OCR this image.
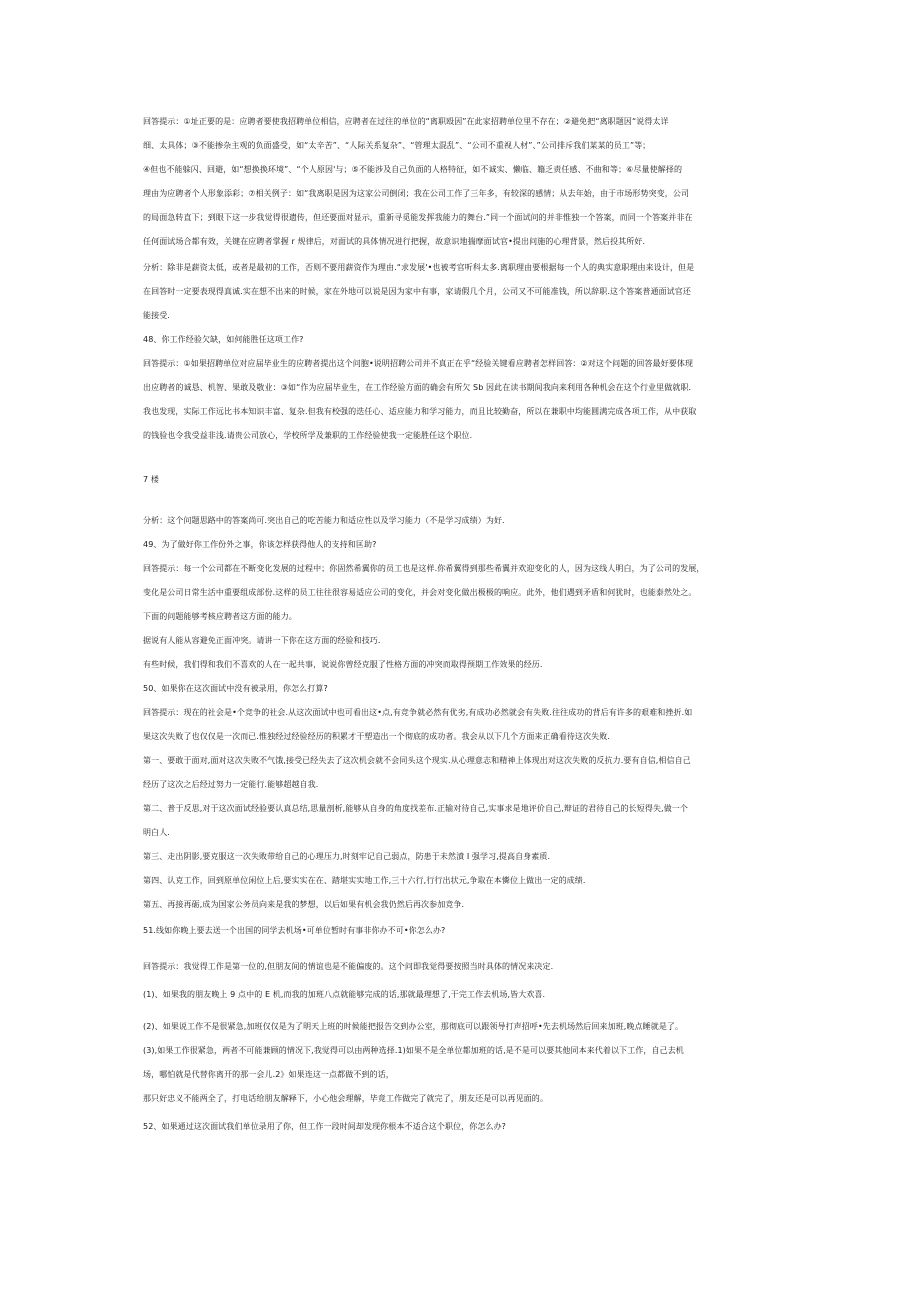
回答提示：①址正要的是：应聘者要使我招聘单位相信，应聘者在过往的单位的“离职殴因”在此家招聘单位里不存在；②避免把“离职题因“说得太详
细、太具体；③不能掺杂主观的负面盛受，如“太辛苦”、“人际关系复杂”、“管理太混乱”、“公司不重视人材”、”公司排斥我们某某的员工”等；
④但也不能躲闪、回避，如“想换换环境”、“个人原因'与；⑤不能涉及自己负面的人格特征，如不诚实、懒临、籍乏责任感、不曲和等；⑥尽量使解择的
理由为应聘者个人形象添彩；⑦相关例子：如“我离职是因为这家公司倒闭；我在公司工作了三年多，有较深的感情；从去年始，由于市场形势突变，公司
的局面急转直下；到眼下这一步我觉得很遗传，但还要面对显示，重新寻觅能发挥我能力的舞台.”同一个面试问的并非惟独一个答案，而同一个答案并非在
任何面试场合都有效，关键在应聘者掌握 r 规律后，对面试的具体情况进行把握，故意识地揣摩面试官•提出问施的心理背景，然后投其所好.
分析：除非是薪资太低，或者是最初的工作，否则不要用薪资作为理由.“求发展'•也被考官听科太多.离职理由要根据每一个人的典实意职理由来设计，但是
在回答时一定要表现得真诚.实在想不出来的时候，家在外地可以说是因为家中有事，家请假几个月，公司又不可能准钱，所以辞职.这个答案普通面试官还
能接受.
48、你工作经验欠缺，如何能胜任这项工作?
回答提示：①如果招聘单位对应届毕业生的应聘者提出这个问胞•说明招聘公司并不真正在乎“经验关键看应聘者怎样回答：②对这个问题的回答最好要体现
出应聘者的诚恳、机智、果敢及敬业：③如“作为应届毕业生，在工作经验方面的确会有所欠 Sb 因此在读书期间我向来利用各种机会在这个行业里做就职.
我也发现，实际工作远比书本知识丰富、复杂.但我有校强的迭任心、适应能力和学习能力，而且比较勤奋，所以在兼职中均能圆满完成各项工作，从中获取
的钱验也令我受益非浅.请贵公司放心，学校所学及兼职的工作经验使我一定能胜任这个职位.
7 楼
分析：这个问题思路中的答案尚可.突出自己的吃苦能力和适应性以及学习能力（不是学习成绩）为好.
49、为了做好你工作份外之事，你该怎样获得他人的支持和匡助?
回答提示：每一个公司都在不断变化发展的过程中；你固然希翼你的员工也是这样.你希翼得到那些希翼并欢迎变化的人，因为这线人明白，为了公司的发展，
变化是公司日常生活中重要组成部份.这样的员工往往很容易适应公司的变化，并会对变化做出极极的响应。此外，他们遇到矛盾和何犹时，也能泰然处之。
下面的问题能够考核应聘者这方面的能力。
据说有人能从容避免正面冲突。请讲一下你在这方面的经验和技巧.
有些时候，我们得和我们不喜欢的人在一起共事，说说你曾经克服了性格方面的冲突而取得预期工作效果的经历.
50、如果你在这次面试中没有被录用，你怎么打算?
回答提示：现在的社会是•个竞争的社会.从这次面试中也可看出这•点,有竞争就必然有优劣,有成功必然就会有失败.往往成功的背后有许多的艰难和挫折.如
果这次失败了也仅仅是一次而已.惟独经过经验经历的积累才干塑造出一个彻底的成功者。我会从以下几个方面来正确看待这次失败.
第一、要敢于面对,面对这次失败不气饿,接受已经失去了这次机会就不会同头这个现实.从心理意志和精神上体现出对这次失败的反抗力.要有自信,相信自己
经历了这次之后经过努力一定能行.能够超越自我.
第二、普于反思,对于这次面试经验要认真总结,思量剖析,能够从自身的角度找差布.正输对待自己,实事求是地评价自己,辩证的君待自己的长短得失,做一个
明白人.
第三、走出阴影,要克服这一次失败带给自己的心理压力,时刻牢记自己弱点，防患于未然濆 I 强学习,提高自身素质.
第四、认克工作，回到原单位闲位上后,要实实在在、踏堪实实地工作,三十六行,行行出状元,争取在本憐位上做出一定的成绩.
第五、再接再砺,成为国家公务员向来是我的梦想，以后如果有机会我仍然后再次参加竞争.
51.线如你晚上要去送一个出国的同学去机场•可单位暂时有事非你办不可•你怎么办?
回答提示：我觉得工作是第一位的,但朋友间的情谊也是不能偏废的。这个问即我觉得要按照当时具体的情况来决定.
(1)、如果我的朋友晚上 9 点中的 E 机,而我的加班八点就能够完成的话,那就最理想了,干完工作去机场,皆大欢喜.
(2)、如果说工作不是很紧急,加班仅仅是为了明天上班的时候能把报告交到办公室，那彻底可以跟领导打声招呼•先去机场然后回来加班,晚点睡就是了。
(3),如果工作很紧急，两者不可能兼顾的情况下,我觉得可以由两种选择.1)如果不是全单位都加班的话,是不是可以要其他同本来代着以下工作，自己去机
场，哪怕就是代替你离开的那一会儿.2》如果连这一点都做不到的话，
那只好忠义不能两全了，打电话给朋友解释下，小心他会理解，毕竟工作做完了就完了，朋友还是可以再见面的。
52、如果通过这次面试我们单位录用了你，但工作一段时间却发现你根本不适合这个职位，你怎么办?
